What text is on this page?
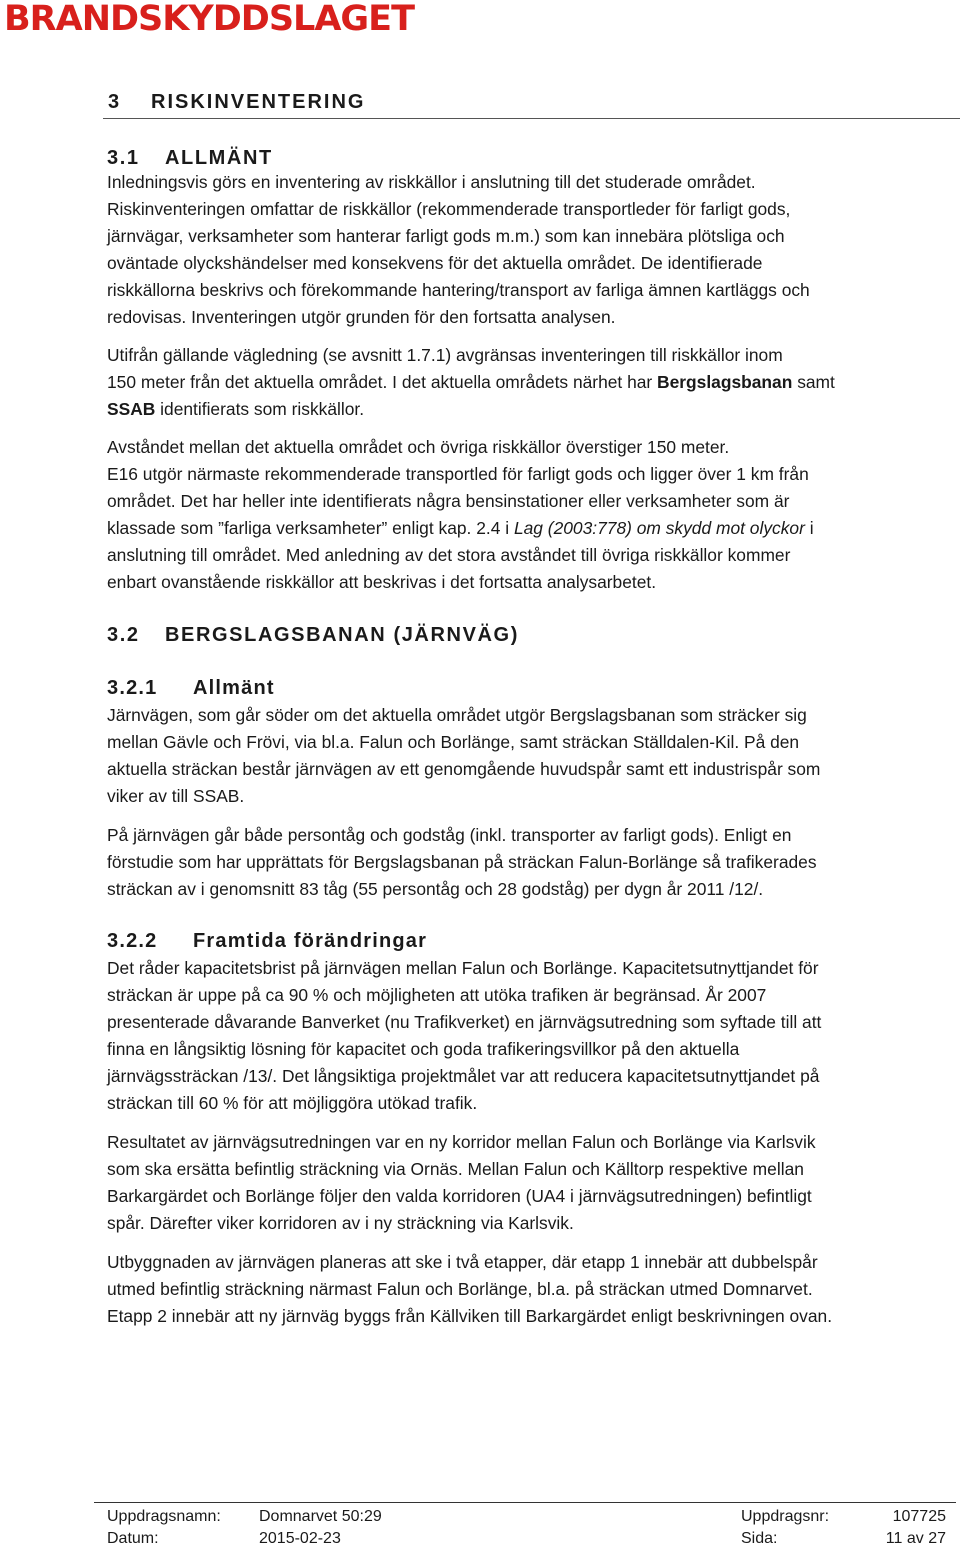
BRANDSKYDDSLAGET
3 RISKINVENTERING
3.1 ALLMÄNT

Inledningsvis görs en inventering av riskkällor i anslutning till det studerade området.

Riskinventeringen omfattar de riskkällor (rekommenderade transportleder för farligt gods,

järnvägar, verksamheter som hanterar farligt gods m.m.) som kan innebära plötsliga och

oväntade olyckshändelser med konsekvens för det aktuella området. De identifierade

riskkällorna beskrivs och förekommande hantering/transport av farliga ämnen kartläggs och

redovisas. Inventeringen utgör grunden för den fortsatta analysen.

Utifrån gällande vägledning (se avsnitt 1.7.1) avgränsas inventeringen till riskkällor inom

150 meter från det aktuella området. I det aktuella områdets närhet har Bergslagsbanan samt

SSAB identifierats som riskkällor.

Avståndet mellan det aktuella området och övriga riskkällor överstiger 150 meter.

E16 utgör närmaste rekommenderade transportled för farligt gods och ligger över 1 km från

området. Det har heller inte identifierats några bensinstationer eller verksamheter som är

klassade som ”farliga verksamheter” enligt kap. 2.4 i Lag (2003:778) om skydd mot olyckor i

anslutning till området. Med anledning av det stora avståndet till övriga riskkällor kommer

enbart ovanstående riskkällor att beskrivas i det fortsatta analysarbetet.

3.2 BERGSLAGSBANAN (JÄRNVÄG)
3.2.1 Allmänt

Järnvägen, som går söder om det aktuella området utgör Bergslagsbanan som sträcker sig

mellan Gävle och Frövi, via bl.a. Falun och Borlänge, samt sträckan Ställdalen-Kil. På den

aktuella sträckan består järnvägen av ett genomgående huvudspår samt ett industrispår som

viker av till SSAB.

På järnvägen går både persontåg och godståg (inkl. transporter av farligt gods). Enligt en

förstudie som har upprättats för Bergslagsbanan på sträckan Falun-Borlänge så trafikerades

sträckan av i genomsnitt 83 tåg (55 persontåg och 28 godståg) per dygn år 2011 /12/.

3.2.2 Framtida förändringar

Det råder kapacitetsbrist på järnvägen mellan Falun och Borlänge. Kapacitetsutnyttjandet för

sträckan är uppe på ca 90 % och möjligheten att utöka trafiken är begränsad. År 2007

presenterade dåvarande Banverket (nu Trafikverket) en järnvägsutredning som syftade till att

finna en långsiktig lösning för kapacitet och goda trafikeringsvillkor på den aktuella

järnvägssträckan /13/. Det långsiktiga projektmålet var att reducera kapacitetsutnyttjandet på

sträckan till 60 % för att möjliggöra utökad trafik.

Resultatet av järnvägsutredningen var en ny korridor mellan Falun och Borlänge via Karlsvik

som ska ersätta befintlig sträckning via Ornäs. Mellan Falun och Källtorp respektive mellan

Barkargärdet och Borlänge följer den valda korridoren (UA4 i järnvägsutredningen) befintligt

spår. Därefter viker korridoren av i ny sträckning via Karlsvik.

Utbyggnaden av järnvägen planeras att ske i två etapper, där etapp 1 innebär att dubbelspår

utmed befintlig sträckning närmast Falun och Borlänge, bl.a. på sträckan utmed Domnarvet.

Etapp 2 innebär att ny järnväg byggs från Källviken till Barkargärdet enligt beskrivningen ovan.

Uppdragsnamn: Domnarvet 50:29
Datum:	2015-02-23
Uppdragsnr:	107725
Sida:	11 av 27
